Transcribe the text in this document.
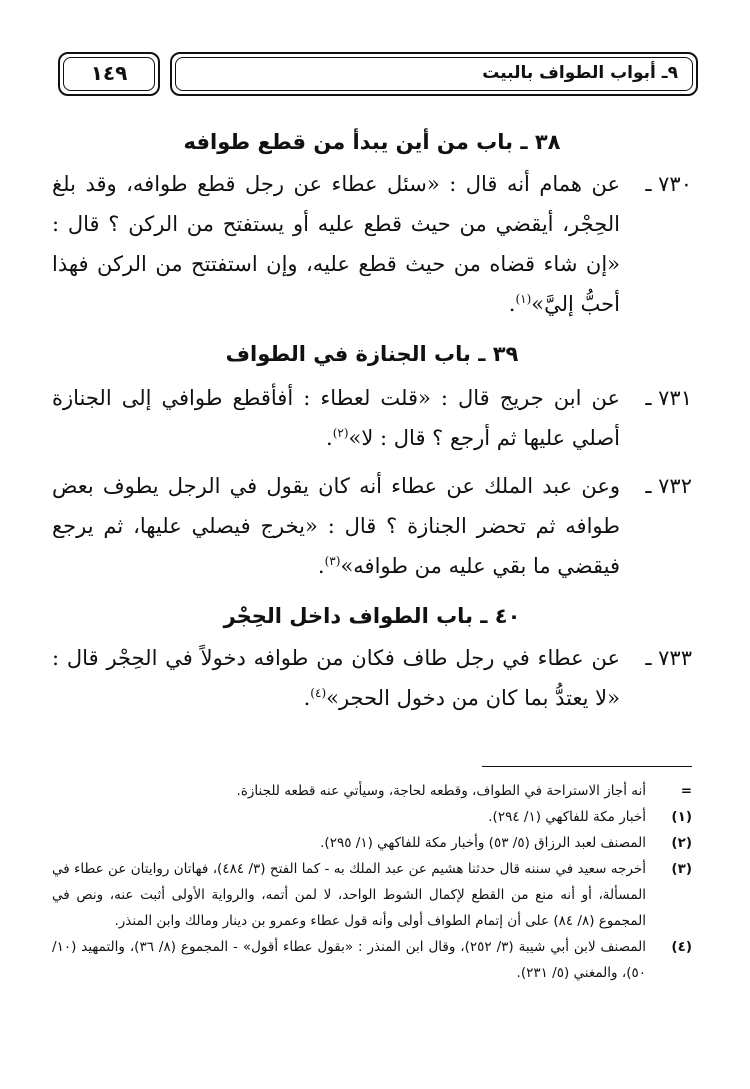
٩ـ أبواب الطواف بالبيت
١٤٩
٣٨ ـ باب من أين يبدأ من قطع طوافه
٧٣٠ ـ
عن همام أنه قال : «سئل عطاء عن رجل قطع طوافه، وقد بلغ الحِجْر، أيقضي من حيث قطع عليه أو يستفتح من الركن ؟ قال : «إن شاء قضاه من حيث قطع عليه، وإن استفتتح من الركن فهذا أحبُّ إليَّ»$^{(١)}$.
٣٩ ـ باب الجنازة في الطواف
٧٣١ ـ
عن ابن جريج قال : «قلت لعطاء : أفأقطع طوافي إلى الجنازة أصلي عليها ثم أرجع ؟ قال : لا»$^{(٢)}$.
٧٣٢ ـ
وعن عبد الملك عن عطاء أنه كان يقول في الرجل يطوف بعض طوافه ثم تحضر الجنازة ؟ قال : «يخرج فيصلي عليها، ثم يرجع فيقضي ما بقي عليه من طوافه»$^{(٣)}$.
٤٠ ـ باب الطواف داخل الحِجْر
٧٣٣ ـ
عن عطاء في رجل طاف فكان من طوافه دخولاً في الحِجْر قال : «لا يعتدُّ بما كان من دخول الحجر»$^{(٤)}$.
=
أنه أجاز الاستراحة في الطواف، وقطعه لحاجة، وسيأتي عنه قطعه للجنازة.
(١)
أخبار مكة للفاكهي (١/ ٢٩٤).
(٢)
المصنف لعبد الرزاق (٥/ ٥٣) وأخبار مكة للفاكهي (١/ ٢٩٥).
(٣)
أخرجه سعيد في سننه قال حدثنا هشيم عن عبد الملك به - كما الفتح (٣/ ٤٨٤)، فهاتان روايتان عن عطاء في المسألة، أو أنه منع من القطع لإكمال الشوط الواحد، لا لمن أتمه، والرواية الأولى أثبت عنه، ونص في المجموع (٨/ ٨٤) على أن إتمام الطواف أولى وأنه قول عطاء وعمرو بن دينار ومالك وابن المنذر.
(٤)
المصنف لابن أبي شيبة (٣/ ٢٥٢)، وقال ابن المنذر : «بقول عطاء أقول» - المجموع (٨/ ٣٦)، والتمهيد (١٠/ ٥٠)، والمغني (٥/ ٢٣١).
